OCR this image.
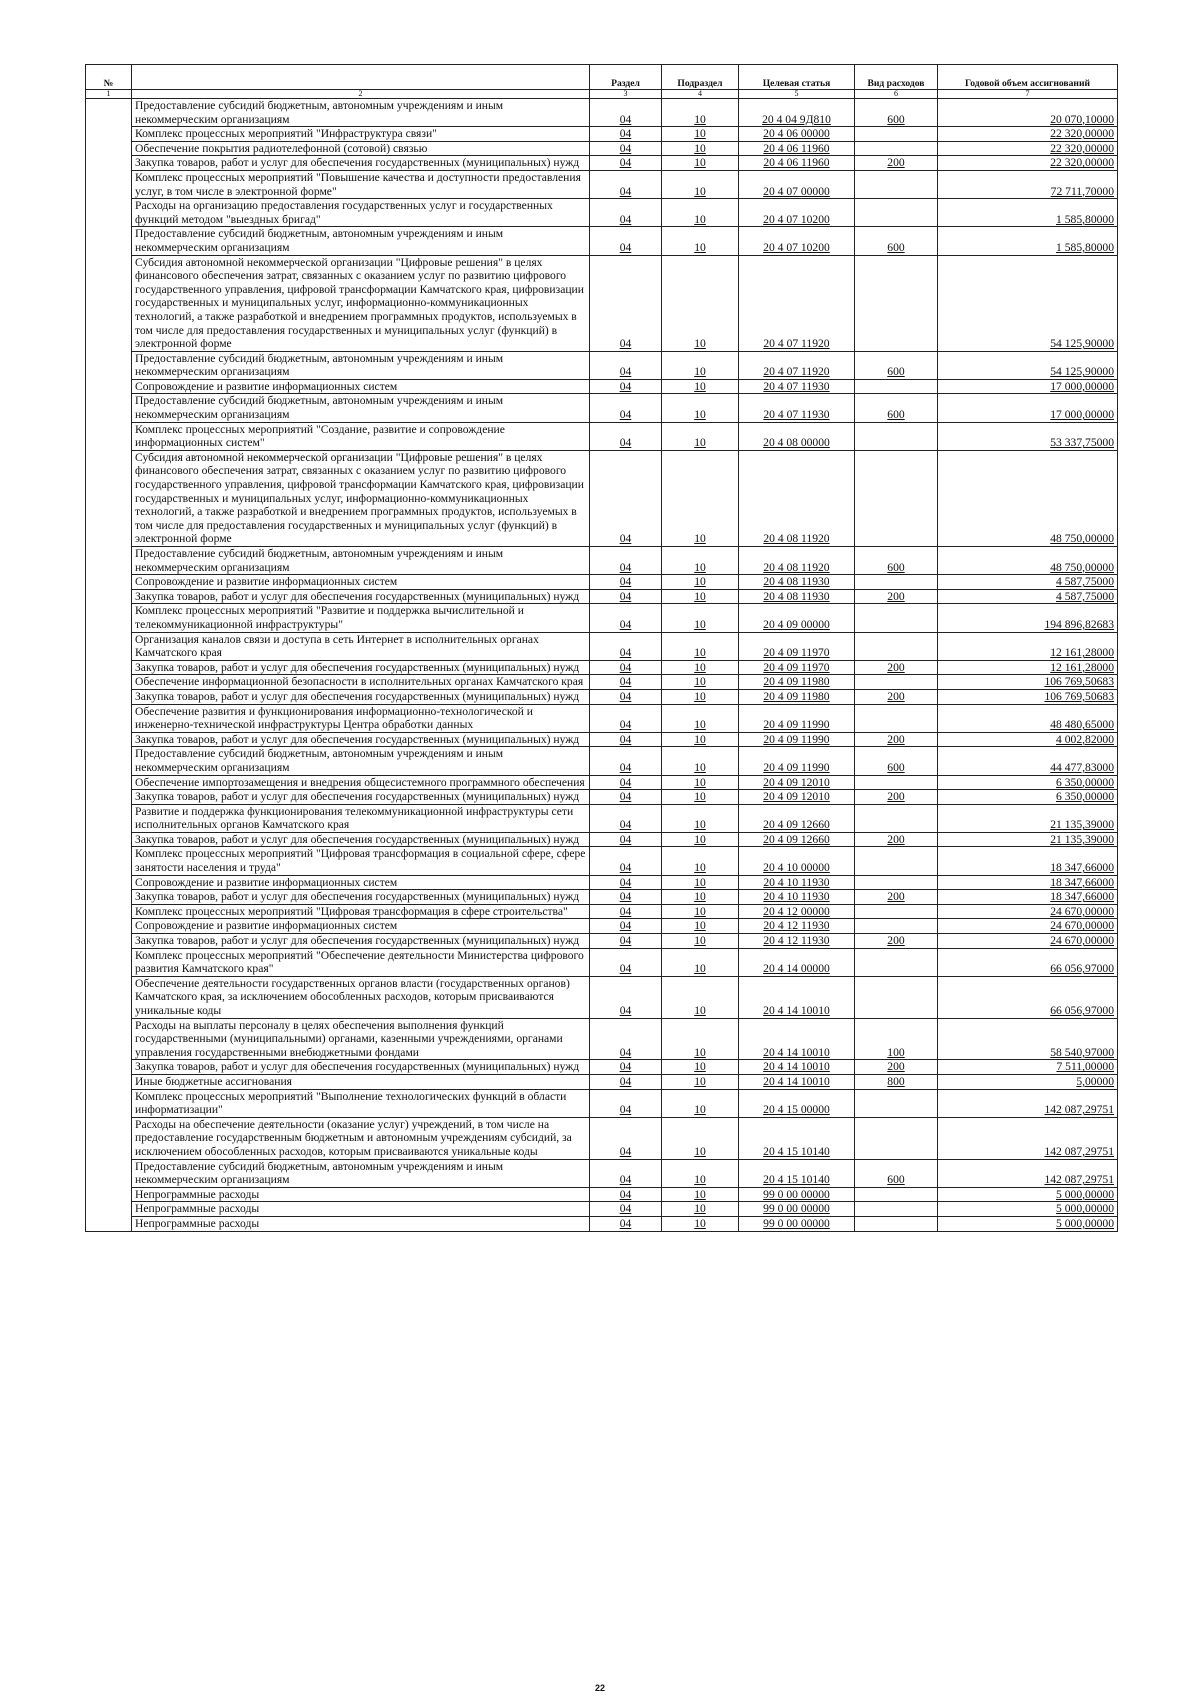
№		Раздел	Подраздел	Целевая статья	Вид расходов	Годовой объем ассигнований
1	2	3	4	5	6	7
	Предоставление субсидий бюджетным, автономным учреждениям и иным некоммерческим организациям	04	10	20 4 04 9Д810	600	20 070,10000
	Комплекс процессных мероприятий "Инфраструктура связи"	04	10	20 4 06 00000		22 320,00000
	Обеспечение покрытия радиотелефонной (сотовой) связью	04	10	20 4 06 11960		22 320,00000
	Закупка товаров, работ и услуг для обеспечения государственных (муниципальных) нужд	04	10	20 4 06 11960	200	22 320,00000
	Комплекс процессных мероприятий "Повышение качества и доступности предоставления услуг, в том числе в электронной форме"	04	10	20 4 07 00000		72 711,70000
	Расходы на организацию предоставления государственных услуг и государственных функций методом "выездных бригад"	04	10	20 4 07 10200		1 585,80000
	Предоставление субсидий бюджетным, автономным учреждениям и иным некоммерческим организациям	04	10	20 4 07 10200	600	1 585,80000
	Субсидия автономной некоммерческой организации "Цифровые решения" в целях финансового обеспечения затрат, связанных с оказанием услуг по развитию цифрового государственного управления, цифровой трансформации Камчатского края, цифровизации государственных и муниципальных услуг, информационно-коммуникационных технологий, а также разработкой и внедрением программных продуктов, используемых в том числе для предоставления государственных и муниципальных услуг (функций) в электронной форме	04	10	20 4 07 11920		54 125,90000
	Предоставление субсидий бюджетным, автономным учреждениям и иным некоммерческим организациям	04	10	20 4 07 11920	600	54 125,90000
	Сопровождение и развитие информационных систем	04	10	20 4 07 11930		17 000,00000
	Предоставление субсидий бюджетным, автономным учреждениям и иным некоммерческим организациям	04	10	20 4 07 11930	600	17 000,00000
	Комплекс процессных мероприятий "Создание, развитие и сопровождение информационных систем"	04	10	20 4 08 00000		53 337,75000
	Субсидия автономной некоммерческой организации "Цифровые решения" в целях финансового обеспечения затрат, связанных с оказанием услуг по развитию цифрового государственного управления, цифровой трансформации Камчатского края, цифровизации государственных и муниципальных услуг, информационно-коммуникационных технологий, а также разработкой и внедрением программных продуктов, используемых в том числе для предоставления государственных и муниципальных услуг (функций) в электронной форме	04	10	20 4 08 11920		48 750,00000
	Предоставление субсидий бюджетным, автономным учреждениям и иным некоммерческим организациям	04	10	20 4 08 11920	600	48 750,00000
	Сопровождение и развитие информационных систем	04	10	20 4 08 11930		4 587,75000
	Закупка товаров, работ и услуг для обеспечения государственных (муниципальных) нужд	04	10	20 4 08 11930	200	4 587,75000
	Комплекс процессных мероприятий "Развитие и поддержка вычислительной и телекоммуникационной инфраструктуры"	04	10	20 4 09 00000		194 896,82683
	Организация каналов связи и доступа в сеть Интернет в исполнительных органах Камчатского края	04	10	20 4 09 11970		12 161,28000
	Закупка товаров, работ и услуг для обеспечения государственных (муниципальных) нужд	04	10	20 4 09 11970	200	12 161,28000
	Обеспечение информационной безопасности в исполнительных органах Камчатского края	04	10	20 4 09 11980		106 769,50683
	Закупка товаров, работ и услуг для обеспечения государственных (муниципальных) нужд	04	10	20 4 09 11980	200	106 769,50683
	Обеспечение развития и функционирования информационно-технологической и инженерно-технической инфраструктуры Центра обработки данных	04	10	20 4 09 11990		48 480,65000
	Закупка товаров, работ и услуг для обеспечения государственных (муниципальных) нужд	04	10	20 4 09 11990	200	4 002,82000
	Предоставление субсидий бюджетным, автономным учреждениям и иным некоммерческим организациям	04	10	20 4 09 11990	600	44 477,83000
	Обеспечение импортозамещения и внедрения общесистемного программного обеспечения	04	10	20 4 09 12010		6 350,00000
	Закупка товаров, работ и услуг для обеспечения государственных (муниципальных) нужд	04	10	20 4 09 12010	200	6 350,00000
	Развитие и поддержка функционирования телекоммуникационной инфраструктуры сети исполнительных органов Камчатского края	04	10	20 4 09 12660		21 135,39000
	Закупка товаров, работ и услуг для обеспечения государственных (муниципальных) нужд	04	10	20 4 09 12660	200	21 135,39000
	Комплекс процессных мероприятий "Цифровая трансформация в социальной сфере, сфере занятости населения и труда"	04	10	20 4 10 00000		18 347,66000
	Сопровождение и развитие информационных систем	04	10	20 4 10 11930		18 347,66000
	Закупка товаров, работ и услуг для обеспечения государственных (муниципальных) нужд	04	10	20 4 10 11930	200	18 347,66000
	Комплекс процессных мероприятий "Цифровая трансформация в сфере строительства"	04	10	20 4 12 00000		24 670,00000
	Сопровождение и развитие информационных систем	04	10	20 4 12 11930		24 670,00000
	Закупка товаров, работ и услуг для обеспечения государственных (муниципальных) нужд	04	10	20 4 12 11930	200	24 670,00000
	Комплекс процессных мероприятий "Обеспечение деятельности Министерства цифрового развития Камчатского края"	04	10	20 4 14 00000		66 056,97000
	Обеспечение деятельности государственных органов власти (государственных органов) Камчатского края, за исключением обособленных расходов, которым присваиваются уникальные коды	04	10	20 4 14 10010		66 056,97000
	Расходы на выплаты персоналу в целях обеспечения выполнения функций государственными (муниципальными) органами, казенными учреждениями, органами управления государственными внебюджетными фондами	04	10	20 4 14 10010	100	58 540,97000
	Закупка товаров, работ и услуг для обеспечения государственных (муниципальных) нужд	04	10	20 4 14 10010	200	7 511,00000
	Иные бюджетные ассигнования	04	10	20 4 14 10010	800	5,00000
	Комплекс процессных мероприятий "Выполнение технологических функций в области информатизации"	04	10	20 4 15 00000		142 087,29751
	Расходы на обеспечение деятельности (оказание услуг) учреждений, в том числе на предоставление государственным бюджетным и автономным учреждениям субсидий, за исключением обособленных расходов, которым присваиваются уникальные коды	04	10	20 4 15 10140		142 087,29751
	Предоставление субсидий бюджетным, автономным учреждениям и иным некоммерческим организациям	04	10	20 4 15 10140	600	142 087,29751
	Непрограммные расходы	04	10	99 0 00 00000		5 000,00000
	Непрограммные расходы	04	10	99 0 00 00000		5 000,00000
	Непрограммные расходы	04	10	99 0 00 00000		5 000,00000
22
